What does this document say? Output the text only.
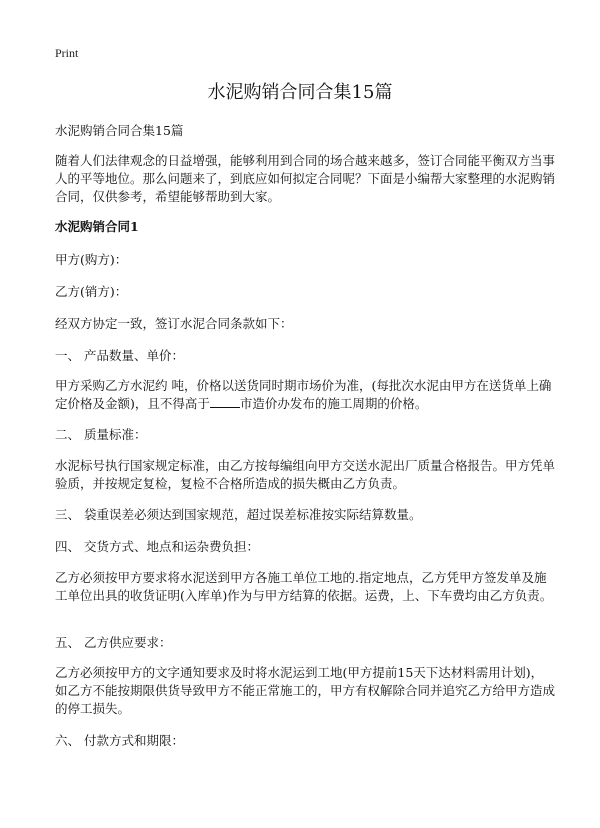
Print
水泥购销合同合集15篇

水泥购销合同合集15篇

随着人们法律观念的日益增强，能够利用到合同的场合越来越多，签订合同能平衡双方当事人的平等地位。那么问题来了，到底应如何拟定合同呢？下面是小编帮大家整理的水泥购销合同，仅供参考，希望能够帮助到大家。

水泥购销合同1

甲方(购方)：

乙方(销方)：

经双方协定一致，签订水泥合同条款如下：

一、 产品数量、单价：

甲方采购乙方水泥约 吨，价格以送货同时期市场价为准，(每批次水泥由甲方在送货单上确定价格及金额)，且不得高于 市造价办发布的施工周期的价格。

二、 质量标准：

水泥标号执行国家规定标准，由乙方按每编组向甲方交送水泥出厂质量合格报告。甲方凭单验质，并按规定复检，复检不合格所造成的损失概由乙方负责。

三、 袋重误差必须达到国家规范，超过误差标准按实际结算数量。

四、 交货方式、地点和运杂费负担：

乙方必须按甲方要求将水泥送到甲方各施工单位工地的.指定地点，乙方凭甲方签发单及施工单位出具的收货证明(入库单)作为与甲方结算的依据。运费，上、下车费均由乙方负责。

五、 乙方供应要求：

乙方必须按甲方的文字通知要求及时将水泥运到工地(甲方提前15天下达材料需用计划)，如乙方不能按期限供货导致甲方不能正常施工的，甲方有权解除合同并追究乙方给甲方造成的停工损失。

六、 付款方式和期限：
